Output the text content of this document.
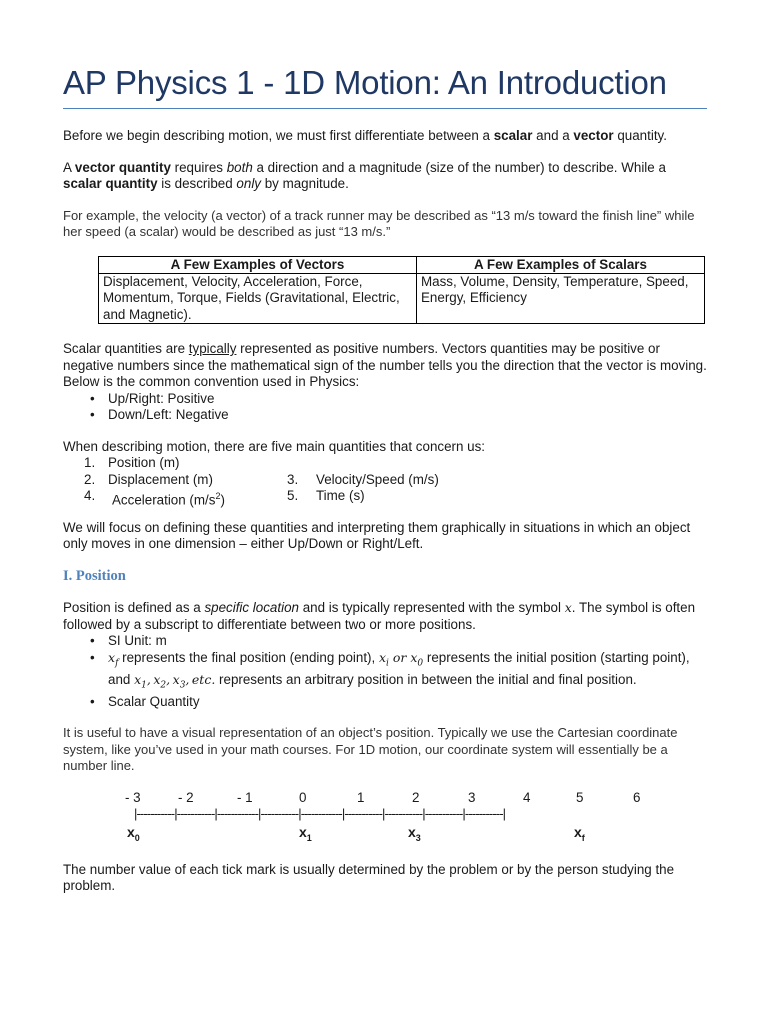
AP Physics 1 - 1D Motion: An Introduction

Before we begin describing motion, we must first differentiate between a scalar and a vector quantity.

A vector quantity requires both a direction and a magnitude (size of the number) to describe. While a scalar quantity is described only by magnitude.

For example, the velocity (a vector) of a track runner may be described as “13 m/s toward the finish line” while her speed (a scalar) would be described as just “13 m/s.”

A Few Examples of Vectors	A Few Examples of Scalars
Displacement, Velocity, Acceleration, Force, Momentum, Torque, Fields (Gravitational, Electric, and Magnetic).	Mass, Volume, Density, Temperature, Speed, Energy, Efficiency

Scalar quantities are typically represented as positive numbers. Vectors quantities may be positive or negative numbers since the mathematical sign of the number tells you the direction that the vector is moving. Below is the common convention used in Physics:

• Up/Right: Positive
• Down/Left: Negative

When describing motion, there are five main quantities that concern us:

1. Position (m)
2. Displacement (m)	3. Velocity/Speed (m/s)
4. Acceleration $(m/s^2)$	5. Time (s)

We will focus on defining these quantities and interpreting them graphically in situations in which an object only moves in one dimension – either Up/Down or Right/Left.

I. Position

Position is defined as a specific location and is typically represented with the symbol x. The symbol is often followed by a subscript to differentiate between two or more positions.

• SI Unit: m
• $x_f$ represents the final position (ending point), $x_i$ or $x_0$ represents the initial position (starting point), and $x_1$, $x_2$, $x_3$, etc. represents an arbitrary position in between the initial and final position.
• Scalar Quantity

It is useful to have a visual representation of an object’s position. Typically we use the Cartesian coordinate system, like you’ve used in your math courses. For 1D motion, our coordinate system will essentially be a number line.

- 3	- 2	- 1	0	1	2	3	4	5	6
|-----------|-----------|------------|-----------|------------|-----------|-----------|-----------|-----------|
$x_0$	$x_1$	$x_3$	$x_f$

The number value of each tick mark is usually determined by the problem or by the person studying the problem.
